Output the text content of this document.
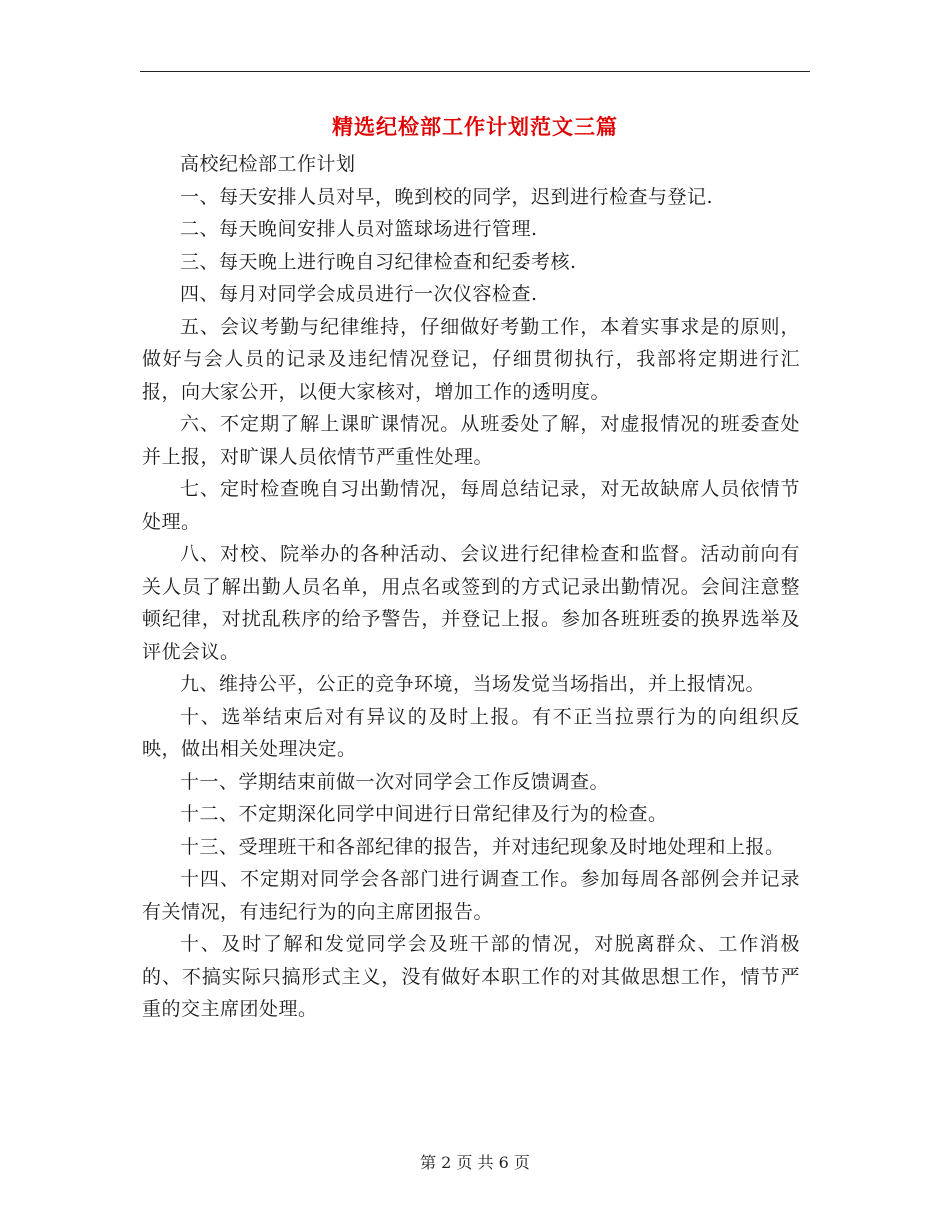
精选纪检部工作计划范文三篇

高校纪检部工作计划

一、每天安排人员对早，晚到校的同学，迟到进行检查与登记.

二、每天晚间安排人员对篮球场进行管理.

三、每天晚上进行晚自习纪律检查和纪委考核.

四、每月对同学会成员进行一次仪容检查.

五、会议考勤与纪律维持，仔细做好考勤工作，本着实事求是的原则，做好与会人员的记录及违纪情况登记，仔细贯彻执行，我部将定期进行汇报，向大家公开，以便大家核对，增加工作的透明度。

六、不定期了解上课旷课情况。从班委处了解，对虚报情况的班委查处并上报，对旷课人员依情节严重性处理。

七、定时检查晚自习出勤情况，每周总结记录，对无故缺席人员依情节处理。

八、对校、院举办的各种活动、会议进行纪律检查和监督。活动前向有关人员了解出勤人员名单，用点名或签到的方式记录出勤情况。会间注意整顿纪律，对扰乱秩序的给予警告，并登记上报。参加各班班委的换界选举及评优会议。

九、维持公平，公正的竞争环境，当场发觉当场指出，并上报情况。

十、选举结束后对有异议的及时上报。有不正当拉票行为的向组织反映，做出相关处理决定。

十一、学期结束前做一次对同学会工作反馈调查。

十二、不定期深化同学中间进行日常纪律及行为的检查。

十三、受理班干和各部纪律的报告，并对违纪现象及时地处理和上报。

十四、不定期对同学会各部门进行调查工作。参加每周各部例会并记录有关情况，有违纪行为的向主席团报告。

十、及时了解和发觉同学会及班干部的情况，对脱离群众、工作消极的、不搞实际只搞形式主义，没有做好本职工作的对其做思想工作，情节严重的交主席团处理。

第 2 页 共 6 页
